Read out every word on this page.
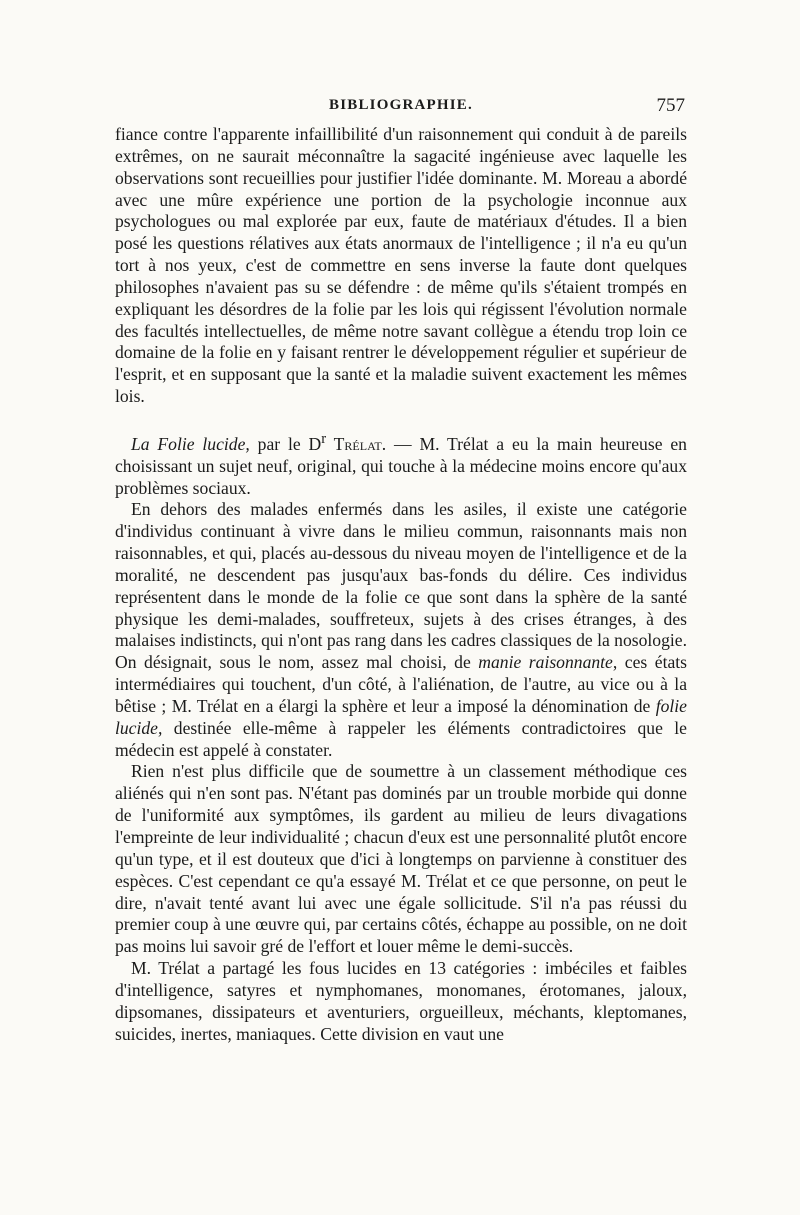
BIBLIOGRAPHIE.	757

fiance contre l'apparente infaillibilité d'un raisonnement qui conduit à de pareils extrêmes, on ne saurait méconnaître la sagacité ingénieuse avec laquelle les observations sont recueillies pour justifier l'idée dominante. M. Moreau a abordé avec une mûre expérience une portion de la psychologie inconnue aux psychologues ou mal explorée par eux, faute de matériaux d'études. Il a bien posé les questions rélatives aux états anormaux de l'intelligence ; il n'a eu qu'un tort à nos yeux, c'est de commettre en sens inverse la faute dont quelques philosophes n'avaient pas su se défendre : de même qu'ils s'étaient trompés en expliquant les désordres de la folie par les lois qui régissent l'évolution normale des facultés intellectuelles, de même notre savant collègue a étendu trop loin ce domaine de la folie en y faisant rentrer le développement régulier et supérieur de l'esprit, et en supposant que la santé et la maladie suivent exactement les mêmes lois.

La Folie lucide, par le $D^r$ Trélat. — M. Trélat a eu la main heureuse en choisissant un sujet neuf, original, qui touche à la médecine moins encore qu'aux problèmes sociaux.

En dehors des malades enfermés dans les asiles, il existe une catégorie d'individus continuant à vivre dans le milieu commun, raisonnants mais non raisonnables, et qui, placés au-dessous du niveau moyen de l'intelligence et de la moralité, ne descendent pas jusqu'aux bas-fonds du délire. Ces individus représentent dans le monde de la folie ce que sont dans la sphère de la santé physique les demi-malades, souffreteux, sujets à des crises étranges, à des malaises indistincts, qui n'ont pas rang dans les cadres classiques de la nosologie. On désignait, sous le nom, assez mal choisi, de manie raisonnante, ces états intermédiaires qui touchent, d'un côté, à l'aliénation, de l'autre, au vice ou à la bêtise ; M. Trélat en a élargi la sphère et leur a imposé la dénomination de folie lucide, destinée elle-même à rappeler les éléments contradictoires que le médecin est appelé à constater.

Rien n'est plus difficile que de soumettre à un classement méthodique ces aliénés qui n'en sont pas. N'étant pas dominés par un trouble morbide qui donne de l'uniformité aux symptômes, ils gardent au milieu de leurs divagations l'empreinte de leur individualité ; chacun d'eux est une personnalité plutôt encore qu'un type, et il est douteux que d'ici à longtemps on parvienne à constituer des espèces. C'est cependant ce qu'a essayé M. Trélat et ce que personne, on peut le dire, n'avait tenté avant lui avec une égale sollicitude. S'il n'a pas réussi du premier coup à une œuvre qui, par certains côtés, échappe au possible, on ne doit pas moins lui savoir gré de l'effort et louer même le demi-succès.

M. Trélat a partagé les fous lucides en 13 catégories : imbéciles et faibles d'intelligence, satyres et nymphomanes, monomanes, érotomanes, jaloux, dipsomanes, dissipateurs et aventuriers, orgueilleux, méchants, kleptomanes, suicides, inertes, maniaques. Cette division en vaut une
